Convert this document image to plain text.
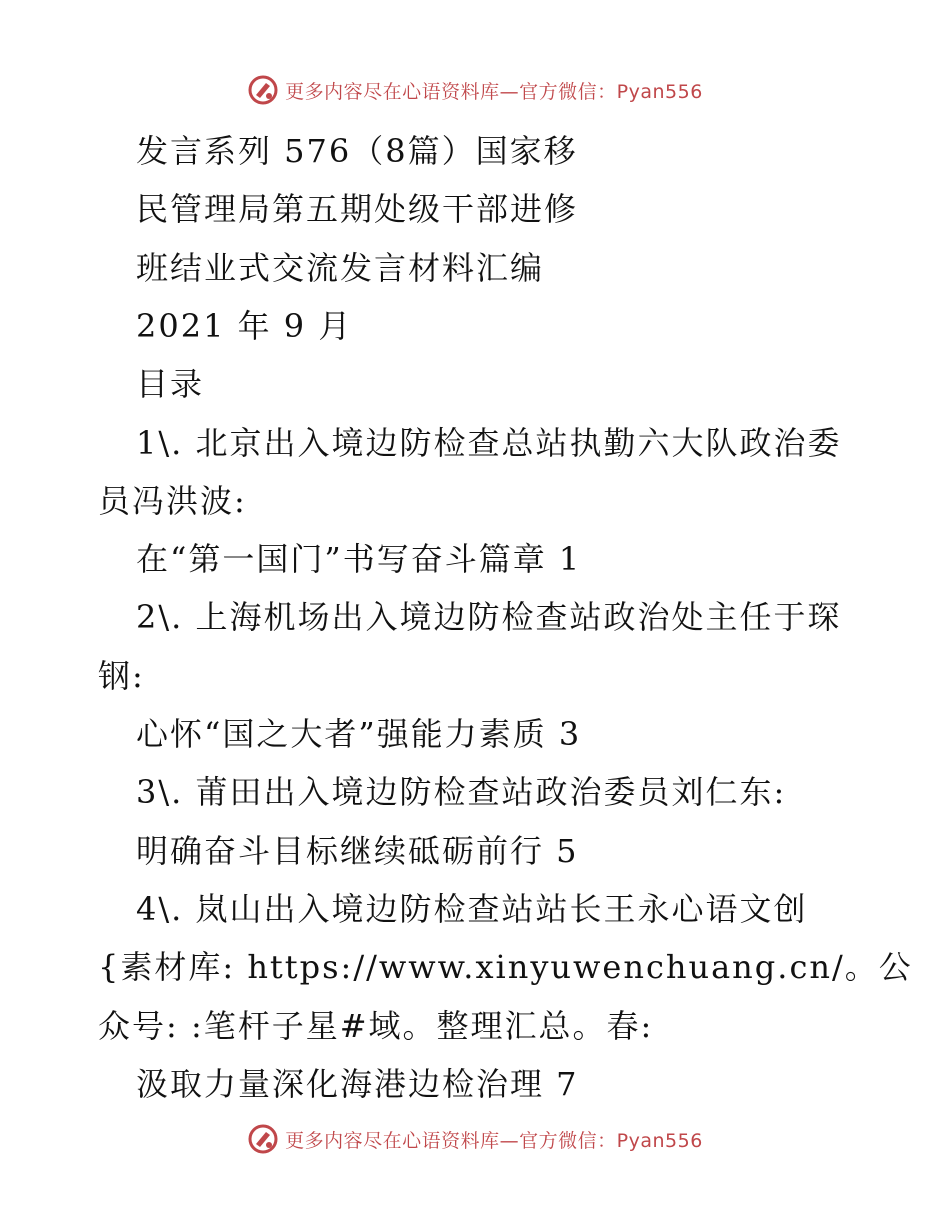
更多内容尽在心语资料库—官方微信：Pyan556
发言系列 576（8篇）国家移
民管理局第五期处级干部进修
班结业式交流发言材料汇编
2021 年 9 月
目录
1\. 北京出入境边防检查总站执勤六大队政治委
员冯洪波:
在“第一国门”书写奋斗篇章 1
2\. 上海机场出入境边防检查站政治处主任于琛
钢:
心怀“国之大者”强能力素质 3
3\. 莆田出入境边防检查站政治委员刘仁东:
明确奋斗目标继续砥砺前行 5
4\. 岚山出入境边防检查站站长王永心语文创
{素材库: https://www.xinyuwenchuang.cn/。公
众号: :笔杆子星#域。整理汇总。春:
汲取力量深化海港边检治理 7
更多内容尽在心语资料库—官方微信：Pyan556
